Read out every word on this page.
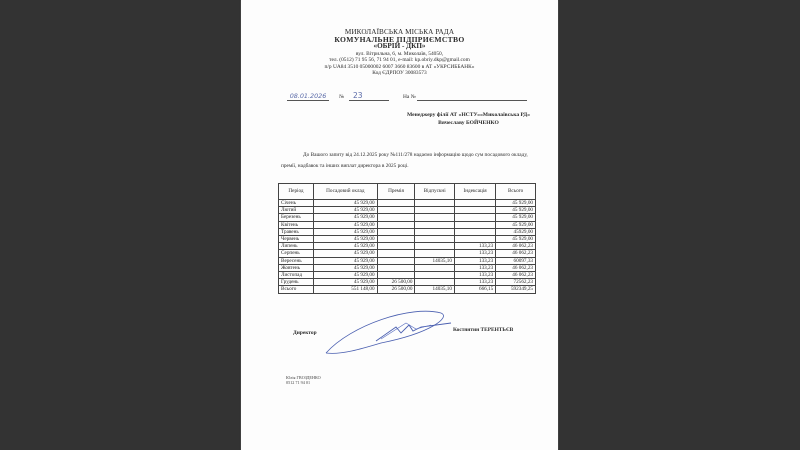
МИКОЛАЇВСЬКА МІСЬКА РАДА
КОМУНАЛЬНЕ ПІДПРИЄМСТВО
«ОБРІЙ - ДКП»
вул. Вітрильна, 6, м. Миколаїв, 54050,
тел. (0512) 71 95 56, 71 94 01, e-mail: kp.obriy.dkp@gmail.com
п/р UA84 3510 05000002 6007 3660 83600 в АТ «УКРСИББАНК»
Код ЄДРПОУ 30083573
08.01.2026	№	23	На №
Менеджеру філії АТ «НСТУ»«Миколаївська РД»
Вячеславу БОЙЧЕНКО
До Вашого запиту від 24.12.2025 року №111/278 надаємо інформацію щодо сум посадового окладу, премії, надбавок та інших виплат директора в 2025 році.
Період	Посадовий оклад	Премія	Відпускні	Індексація	Всього
Січень	45 929,00				45 929,00
Лютий	45 929,00				45 929,00
Березень	45 929,00				45 929,00
Квітень	45 929,00				45 929,00
Травень	45 929,00				45929,00
Червень	45 929,00				45 929,00
Липень	45 929,00			133,23	46 062,23
Серпень	45 929,00			133,23	46 062,23
Вересень	45 929,00		14035,10	133,23	60097,33
Жовтень	45 929,00			133,23	46 062,23
Листопад	45 929,00			133,23	46 062,23
Грудень	45 929,00	26 500,00		133,23	72562,23
Всього	551 148,00	26 500,00	14035,10	666,15	592349,25
Директор	Костянтин ТЕРЕНТЬЄВ
Юлія ГВОЗДЕНКО
0512 71 94 01
